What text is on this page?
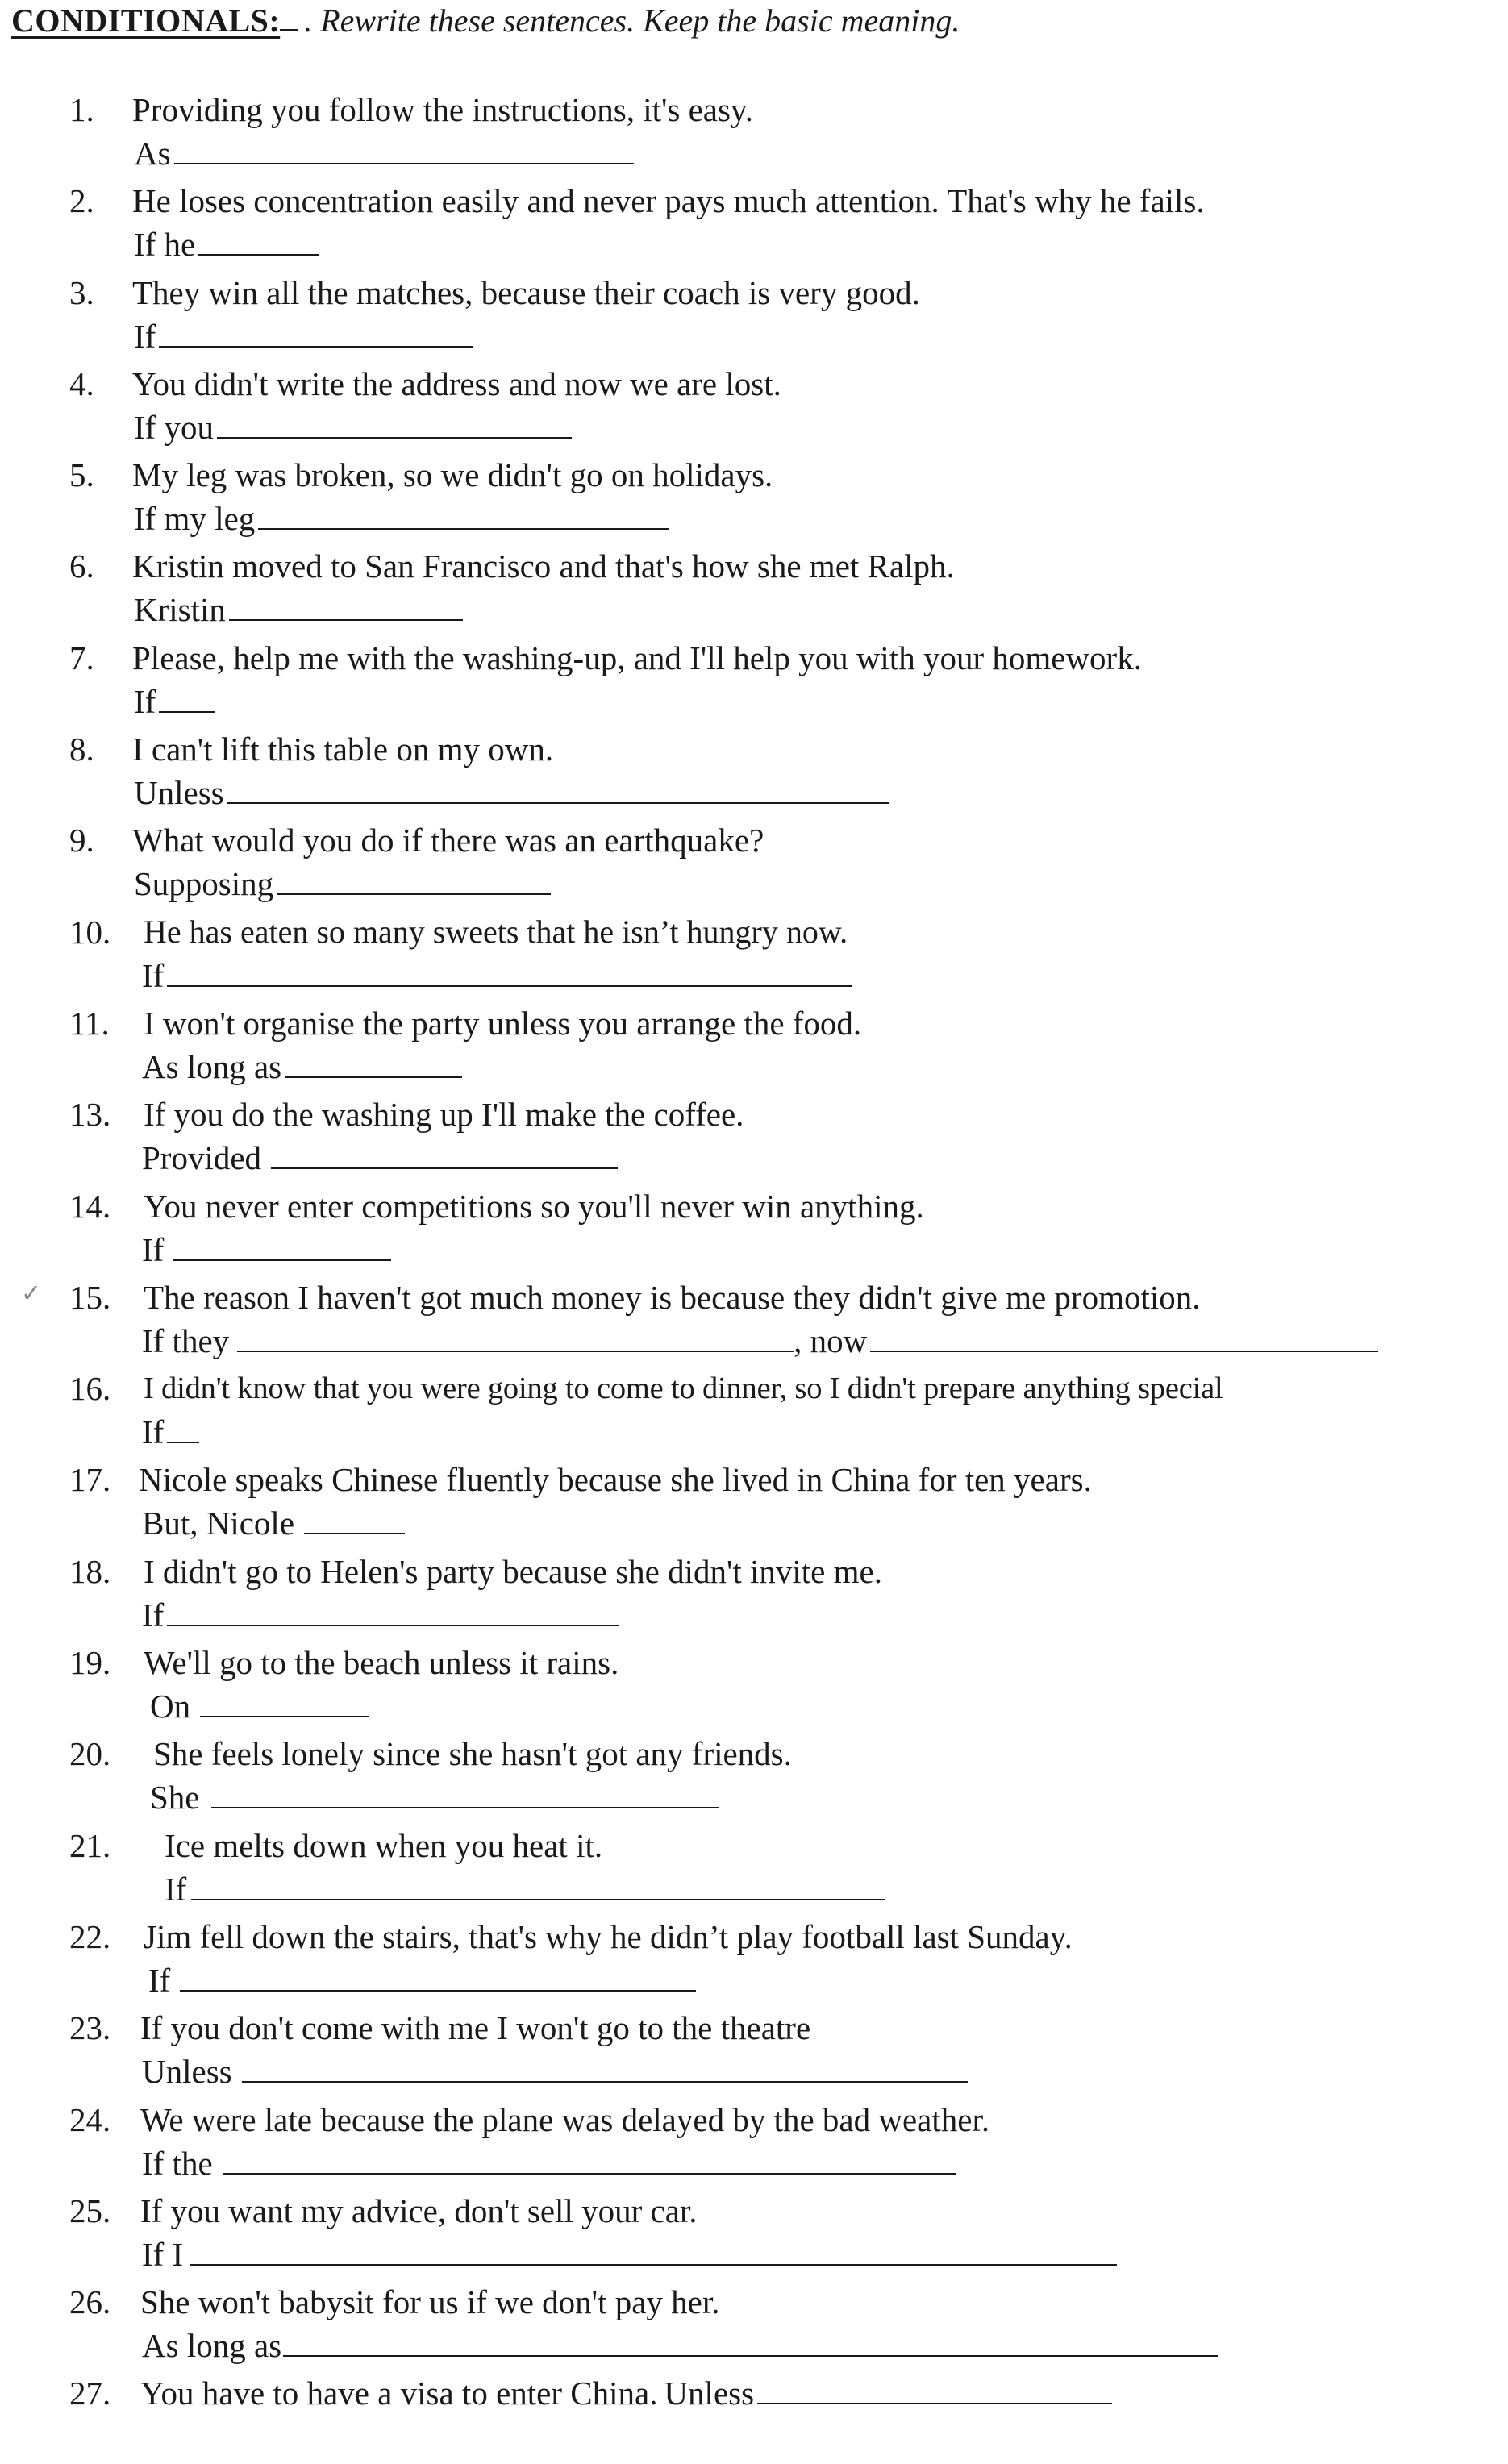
CONDITIONALS: . Rewrite these sentences. Keep the basic meaning.
1. Providing you follow the instructions, it's easy.
As
2. He loses concentration easily and never pays much attention. That's why he fails.
If he
3. They win all the matches, because their coach is very good.
If
4. You didn't write the address and now we are lost.
If you
5. My leg was broken, so we didn't go on holidays.
If my leg
6. Kristin moved to San Francisco and that's how she met Ralph.
Kristin
7. Please, help me with the washing-up, and I'll help you with your homework.
If
8. I can't lift this table on my own.
Unless
9. What would you do if there was an earthquake?
Supposing
10. He has eaten so many sweets that he isn’t hungry now.
If
11. I won't organise the party unless you arrange the food.
As long as
13. If you do the washing up I'll make the coffee.
Provided
14. You never enter competitions so you'll never win anything.
If
✓ 15. The reason I haven't got much money is because they didn't give me promotion.
If they	, now
16. I didn't know that you were going to come to dinner, so I didn't prepare anything special
If
17. Nicole speaks Chinese fluently because she lived in China for ten years.
But, Nicole
18. I didn't go to Helen's party because she didn't invite me.
If
19. We'll go to the beach unless it rains.
On
20. She feels lonely since she hasn't got any friends.
She
21. Ice melts down when you heat it.
If
22. Jim fell down the stairs, that's why he didn’t play football last Sunday.
If
23. If you don't come with me I won't go to the theatre
Unless
24. We were late because the plane was delayed by the bad weather.
If the
25. If you want my advice, don't sell your car.
If I
26. She won't babysit for us if we don't pay her.
As long as
27. You have to have a visa to enter China. Unless
